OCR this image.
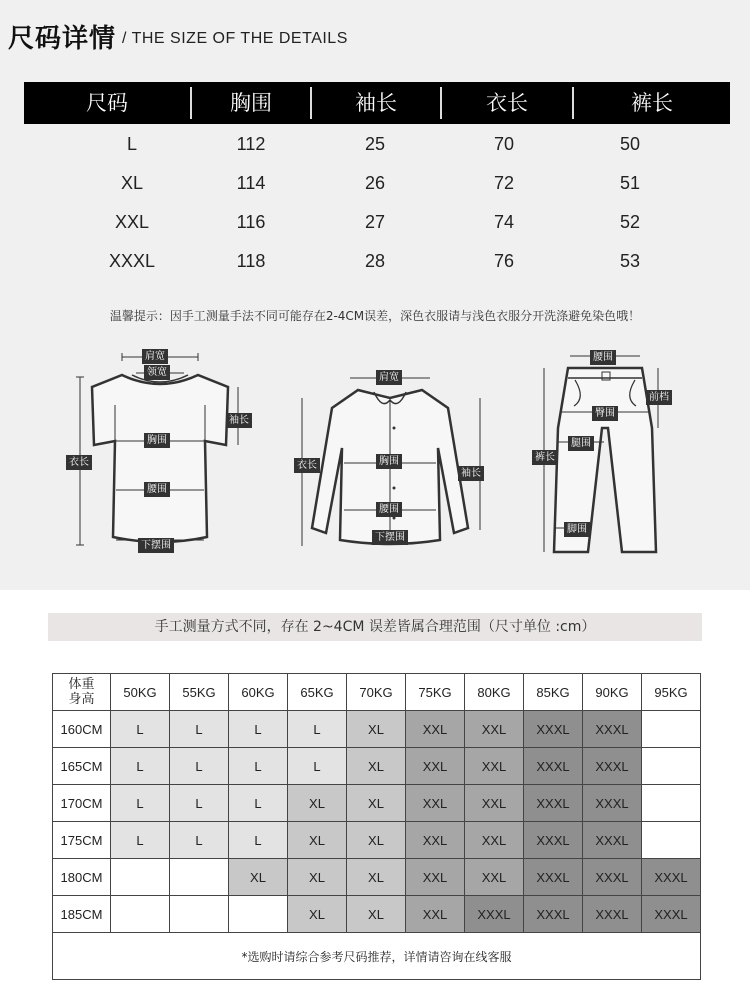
尺码详情 / THE SIZE OF THE DETAILS
尺码	胸围	袖长	衣长	裤长
L	112	25	70	50
XL	114	26	72	51
XXL	116	27	74	52
XXXL	118	28	76	53
温馨提示：因手工测量手法不同可能存在2-4CM误差，深色衣服请与浅色衣服分开洗涤避免染色哦！
肩宽
领宽
袖长
衣长
胸围
腰围
下摆围
肩宽
衣长	胸围
袖长
腰围
下摆围
腰围
前档
臀围
腿围
裤长
脚围
手工测量方式不同，存在 2~4CM 误差皆属合理范围（尺寸单位 :cm）
体重
身高	50KG	55KG	60KG	65KG	70KG	75KG	80KG	85KG	90KG	95KG
160CM	L	L	L	L	XL	XXL	XXL	XXXL	XXXL	
165CM	L	L	L	L	XL	XXL	XXL	XXXL	XXXL	
170CM	L	L	L	XL	XL	XXL	XXL	XXXL	XXXL	
175CM	L	L	L	XL	XL	XXL	XXL	XXXL	XXXL	
180CM			XL	XL	XL	XXL	XXL	XXXL	XXXL	XXXL
185CM				XL	XL	XXL	XXXL	XXXL	XXXL	XXXL
*选购时请综合参考尺码推荐，详情请咨询在线客服										
